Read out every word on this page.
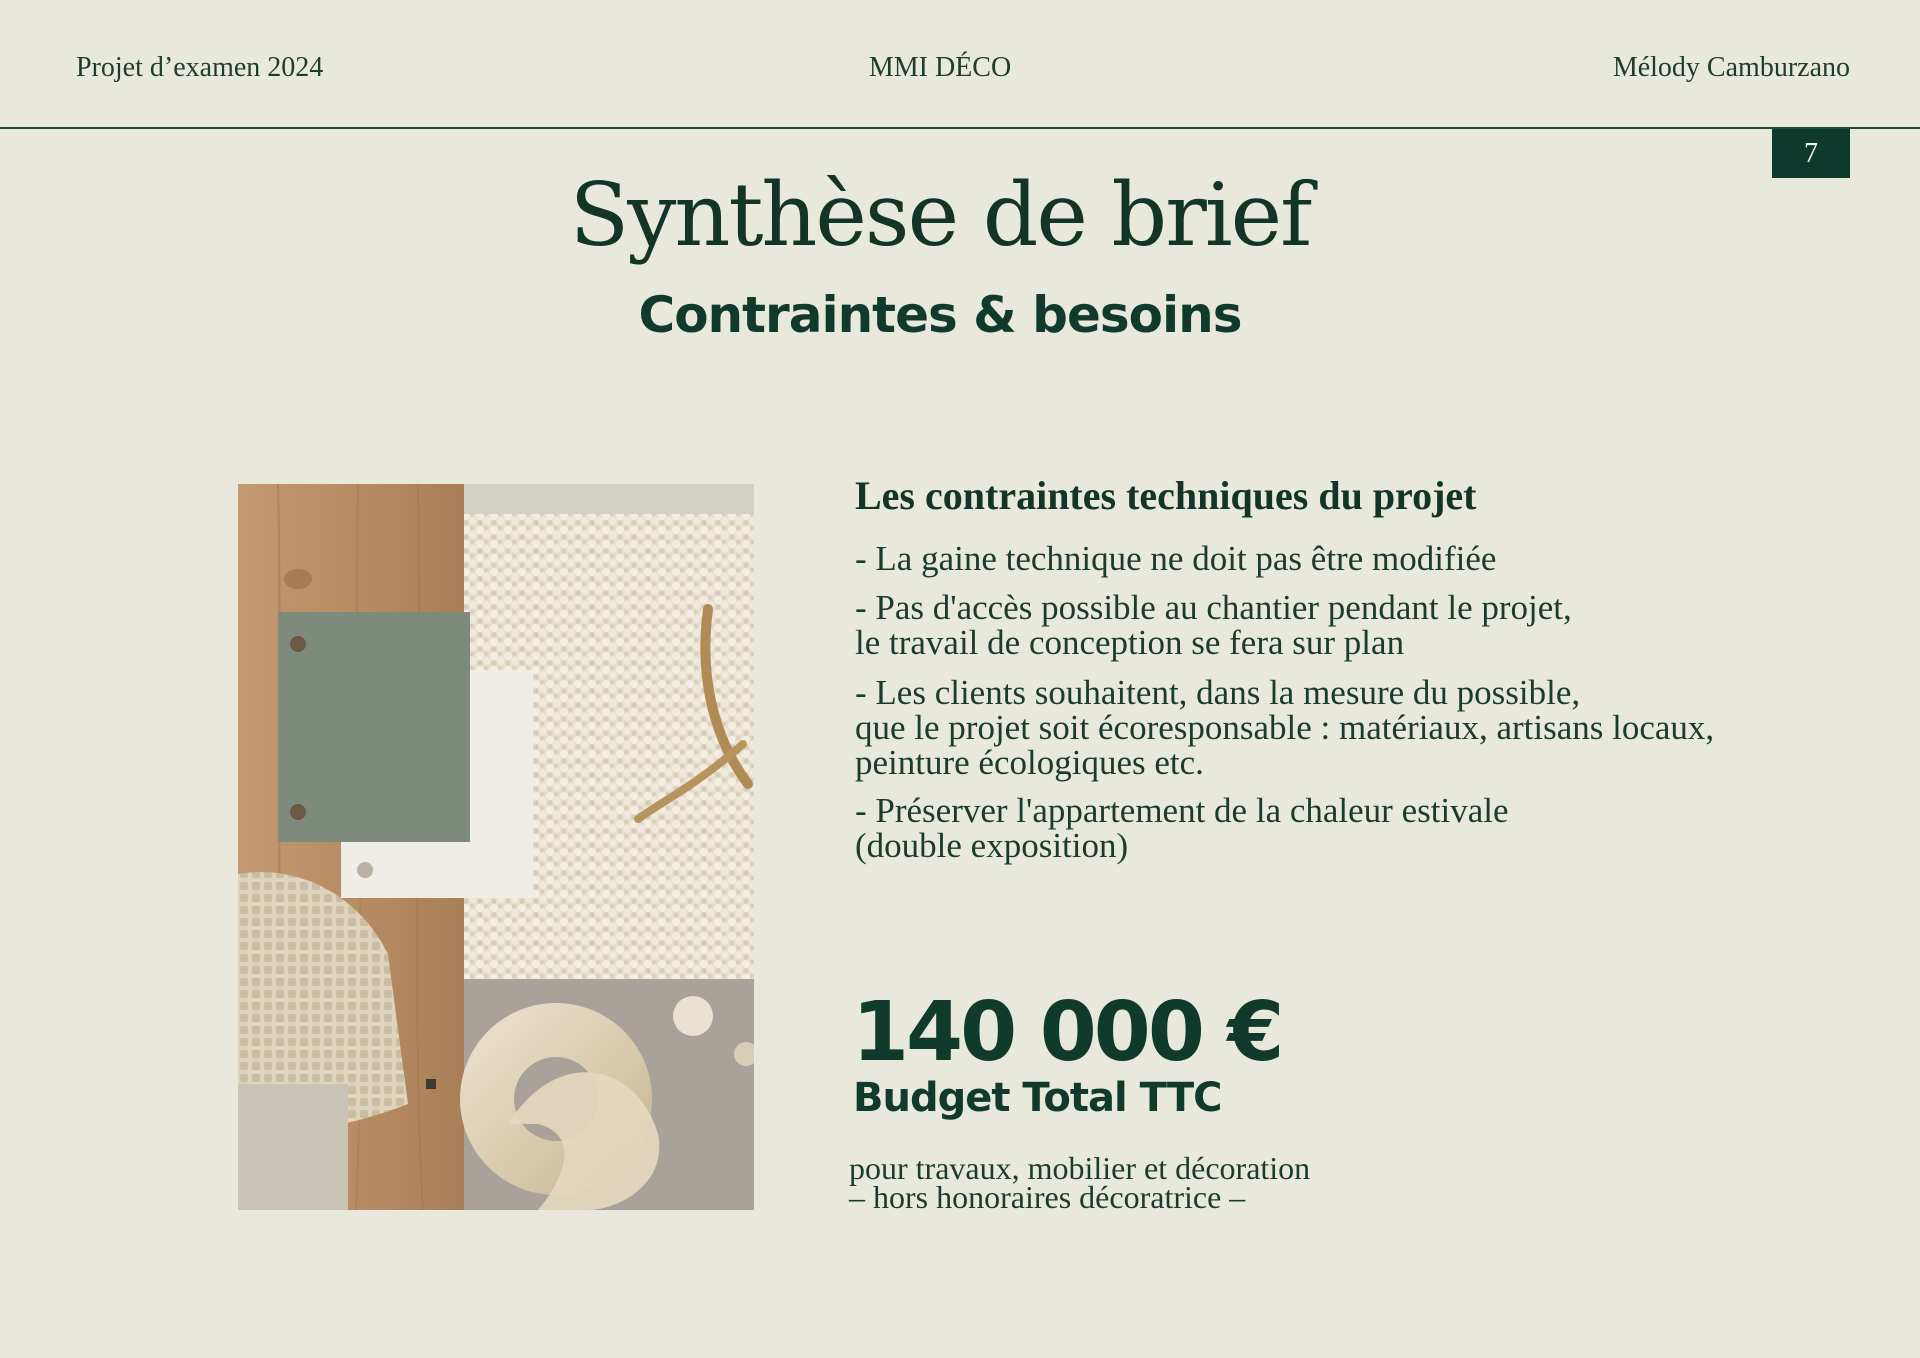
Projet d’examen 2024	MMI DÉCO	Mélody Camburzano
7
Synthèse de brief
Contraintes & besoins
Les contraintes techniques du projet
- La gaine technique ne doit pas être modifiée
- Pas d'accès possible au chantier pendant le projet,
le travail de conception se fera sur plan
- Les clients souhaitent, dans la mesure du possible,
que le projet soit écoresponsable : matériaux, artisans locaux,
peinture écologiques etc.
- Préserver l'appartement de la chaleur estivale
(double exposition)
140 000 €
Budget Total TTC
pour travaux, mobilier et décoration
– hors honoraires décoratrice –
